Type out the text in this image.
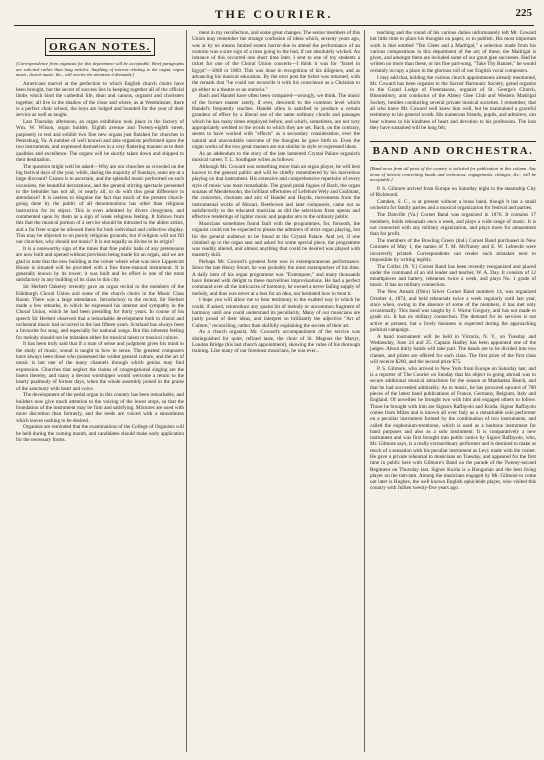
THE COURIER.	225
ORGAN NOTES.

[Correspondence from organists for this department will be acceptable. Brief paragraphs are solicited rather than long articles. Anything of interest relating to the organ, organ music, church music, &c., will receive the attention it demands.]

Americans marvel at the perfection to which English church choirs have been brought, but the secret of success lies in keeping together all of the official limbs which bind the cathedral life, dean and canons, organist and choristers together, all live in the shadow of the close and where, as at Westminster, there is a perfect choir school, the boys are lodged and boarded for the year of their service as well as taught.

Last Thursday afternoon, an organ exhibition took place in the factory of Wm. W. Wilson, organ builder, Eighth avenue and Twenty-eighth street, purposely to test and exhibit two fine new organs just finished for churches in Petersburg, Va. A number of well known and able organists performed upon the two instruments, and expressed themselves in a very flattering manner as to their qualities and excellence. The organs will be shortly taken down and shipped to their destination.

The question might well be asked—Why are our churches so crowded on the big festival days of the year, while, during the majority of Sundays, seats are at a large discount? Causes is to ascertain, and the splendid music performed on such occasions, the beautiful decorations, and the general stirring spectacle presented to the beholder has not all, or nearly all, to do with this great difference in attendance? It is useless to disguise the fact that much of the present church-going done by the public of all denominations has other than religious instruction for its object. This is even admitted by divers clergymen, and commented upon by them as a sign of weak religious feeling. It follows from this that the musical portion of a service should be intrusted to the ablest artists, and a far freer scope be allowed them for both individual and collective display. This may be objected to on purely religious grounds; but if religion will not fill our churches, why should not music? It is not equally as divine in its origin?

It is a noteworthy sign of the times that fine public halls of any pretensions are now built and opened without provision being made for an organ, and we are glad to note that the new building at the corner where what was once Lippencott House is situated will be provided with a fine three-manual instrument. It is generally known by its tower; it was built and its effect is one of the most satisfactory in any building of its class in this city.

Sir Herbert Oakeley recently gave an organ recital to the members of the Edinburgh Choral Union and some of the church choirs in the Music Class Room. There was a large attendance. Introductory to the recital, Sir Herbert made a few remarks, in which he expressed his interest and sympathy in the Choral Union, which he had been presiding for thirty years. In course of his speech Sir Herbert observed that a remarkable development both in choral and orchestral music had occurred in the last fifteen years. Scotland has always been a favourite for song, and especially for national songs. But this inherent feeling for melody should not be mistaken either for musical talent or musical culture.

It has been truly said that if a man of sense and judgment gives his mind to the study of music, sound is taught to bow to sense. The greatest composers have always been those who possessed the widest general culture, and the art of music is but one of the many channels through which genius may find expression. Churches that neglect the claims of congregational singing are the losers thereby, and many a devout worshipper would welcome a return to the hearty psalmody of former days, when the whole assembly joined in the praise of the sanctuary with heart and voice.

The development of the pedal organ in this country has been remarkable, and builders now give much attention to the voicing of the lower stops, so that the foundation of the instrument may be firm and satisfying. Mixtures are used with more discretion than formerly, and the reeds are voiced with a smoothness which leaves nothing to be desired.

Organists are reminded that the examinations of the College of Organists will be held during the coming month, and candidates should make early application for the necessary forms.

ment in my recollection, and some great changes. The senior members of this Union may remember the strange confusion of ideas which, seventy years ago, was at by no means limited extent horror-due to attend the performance of an oratorio was a sure sign of a man going to the bad, if not absolutely wicked. An instance of this occurred one short time later. I sent to one of my students a ticket for one of the Choral Union concerts—I think it was for "Israel in Egypt"—1868 or 1869. This was done in recognition of his diligence, and as advancing his musical education. By the next post the ticket was returned, with the remark that "he could not reconcile it with his conscience as a Christian to go either to a theatre or an oratorio."

Bach and Handel have often been compared—wrongly, we think. The music of the former master rarely, if ever, descends to the common level which Handel's frequently reaches. Handel often is satisfied to produce a certain grandeur of effect by a liberal use of the same ordinary chords and passages which he has many times employed before, and which, sometimes, are not very appropriately wedded to the words to which they are set. Bach, on the contrary, seems to have worked with "effects" as a secondary consideration, ever the natural and unavoidable outcome of the thoughts he gave birth to. Even the organ works of the two great masters are not similar in style or expressed ideas.

As an addendum to the story of the late lamented Crystal Palace organist's musical career, T. L. Southgate writes as follows:

Although Mr. Coward was something more than an organ player, he will best known to the general public and will be chiefly remembered by his marvelous playing on that instrument. His extensive and comprehensive repertoire of every style of music was most remarkable. The grand pedal fugues of Bach, the organ sonatas of Mendelssohn, the brilliant offertoires of Lefebure Wely and Guilmant, the concertos, choruses and airs of Handel and Haydn, movements from the instrumental works of Mozart, Beethoven and later composers, came out as satisfactorily to the educated musician as did the selections from operas and effective renderings of lighter music and popular airs to the ordinary public.

Musicians sometimes found fault with the programmes, for, forsooth, the organist could not be expected to please the admirers of strict organ playing, but for the general audience to be found at the Crystal Palace. And yet, if one climbed up to the organ seat and asked for some special piece, the programme was readily altered, and almost anything that could be desired was played with masterly skill.

Perhaps Mr. Coward's greatest forte was in extemporaneous performance. Since the late Henry Smart, he was probably the most extemporiser of his time. A daily item of his organ programme was "Extempore," and many thousands have listened with delight to these marvellous improvisations. He had a perfect command over all the intricacies of harmony, he owned a never failing supply of melody, and thus was never at a loss for an idea, nor hesitated how to treat it.

I hope you will allow me to bear testimony to the exalted way in which he could, if asked, reintroduce any quaint bit of melody or uncommon fragment of harmony until one could understand its peculiarity. Many of our musicians are justly proud of their ideas, and interpret so brilliantly the adjective "Art of Culture," reconciling, rather than skilfully explaining the secrets of their art.

As a church organist, Mr. Coward's accompaniment of the service was distinguished for quiet, refined taste, the choir of St. Magnus the Martyr, London Bridge (his last church appointment), showing the value of his thorough training. Like many of our foremost musicians, he was ever...

teaching and the round of his various duties unfortunately left Mr. Coward but little time to place his thoughts on paper, or to publish. His most important work is that entitled "Ten Glees and a Madrigal," a selection made from his various compositions in this department of the art; of these, the Madrigal is given, and amongst them are included some of our great glee successes. Had he written no more than these, or his fine part-song, "Take Thy Banner," he would certainly occupy a place in the glorious roll of our English vocal composers.

I may add that, holding the various church appointments already mentioned, Mr. Coward has been organist to the Sacred Harmonic Society, grand organist to the Grand Lodge of Freemasons, organist of St. George's Church, Bloomsbury, and conductor of the Abbey Glee Club and Western Madrigal Society, besides conducting several private musical societies. I remember, that all who knew Mr. Coward well knew him well, but he maintained a graceful testimony to his general worth. His numerous friends, pupils, and admirers, can bear witness to his kindness of heart and devotion to his profession. The loss they have sustained will be long felt.

BAND AND ORCHESTRA.

[Band news from all parts of the country is solicited for publication in this column. Any items of interest concerning bands and orchestras, engagements, changes, &c., will be acceptable.]

P. S. Gilmore arrived from Europe on Saturday night in the steamship City of Richmond.

Camden, S. C., is at present without a brass band, though it has a small orchestra for family parties and a musical organization for festival and parties.

The Danville (Va.) Cornet Band was organized in 1876. It contains 17 members, holds rehearsals once a week, and plays a wide range of music. It is not connected with any military organization, and plays more for amusement than for profit.

The members of the Bowling Green (Ind.) Cornet Band purchased in New Coronets of May 1, the names of T. M. McNaney and E. W. Lebrecht were incorrectly printed. Correspondents can render such mistakes next to impossible by writing legibly.

The Colfax (N. Y.) Cornet Band has been recently reorganized and placed under the command of an old leader and teacher, W. A. Day. It consists of 12 mouthpieces and battery, rehearses twice a week, and plays No. 1 grade of music. It has no military connection.

The New Annals (Ohio) Silver Cornet Band numbers 14, was organized October 4, 1874, and held rehearsals twice a week regularly until last year, since when, owing to the absence of some of the members, it has met only occasionally. This band was taught by J. Warne Gregory, and has not made to grade six. It has no military connection. The demand for its services is not active at present, but a lively business is expected during the approaching political campaign.

A band tournament will be held in Victoria, N. Y., on Tuesday and Wednesday, June 24 and 25. Captain Hadley has been appointed one of the judges. About thirty bands will take part. The bands are to be divided into two classes, and prizes are offered for each class. The first prize of the first class will receive $200, and the second prize $75.

P. S. Gilmore, who arrived in New York from Europe on Saturday last, and is a reporter of The Courier on Sunday that his object in going abroad was to secure additional musical attractions for the season at Manhattan Beach, and that he had succeeded admirably. As to music, he has procured upward of 700 pieces of the latest band publications of France, Germany, Belgium, Italy and England. Of novelties he brought two with him and engaged others to follow. Those he brought with him are Signors Raffayolo and Kurda. Signor Raffayolo comes from Milan and is known all over Italy as a remarkable solo performer on a peculiar instrument formed by the combination of two instruments, and called the euphonium-trombone, which is used as a baritone instrument for band purposes and also as a solo instrument. It is comparatively a new instrument and was first brought into public notice by Signor Raffayolo, who, Mr. Gilmore says, is a really extraordinary performer and is destined to make as much of a sensation with his peculiar instrument as Levy made with the cornet. He gave a private rehearsal to musicians on Tuesday, and appeared for the first time in public here with Gilmore's Band on the parade of the Twenty-second Regiment on Thursday last. Signor Kurda is a Hungarian and the best living player on the tam-tam. Among the musicians engaged by Mr. Gilmore to come out later is Hughes, the well known English ophicleide player, who visited this country with Jullien twenty-five years ago.
